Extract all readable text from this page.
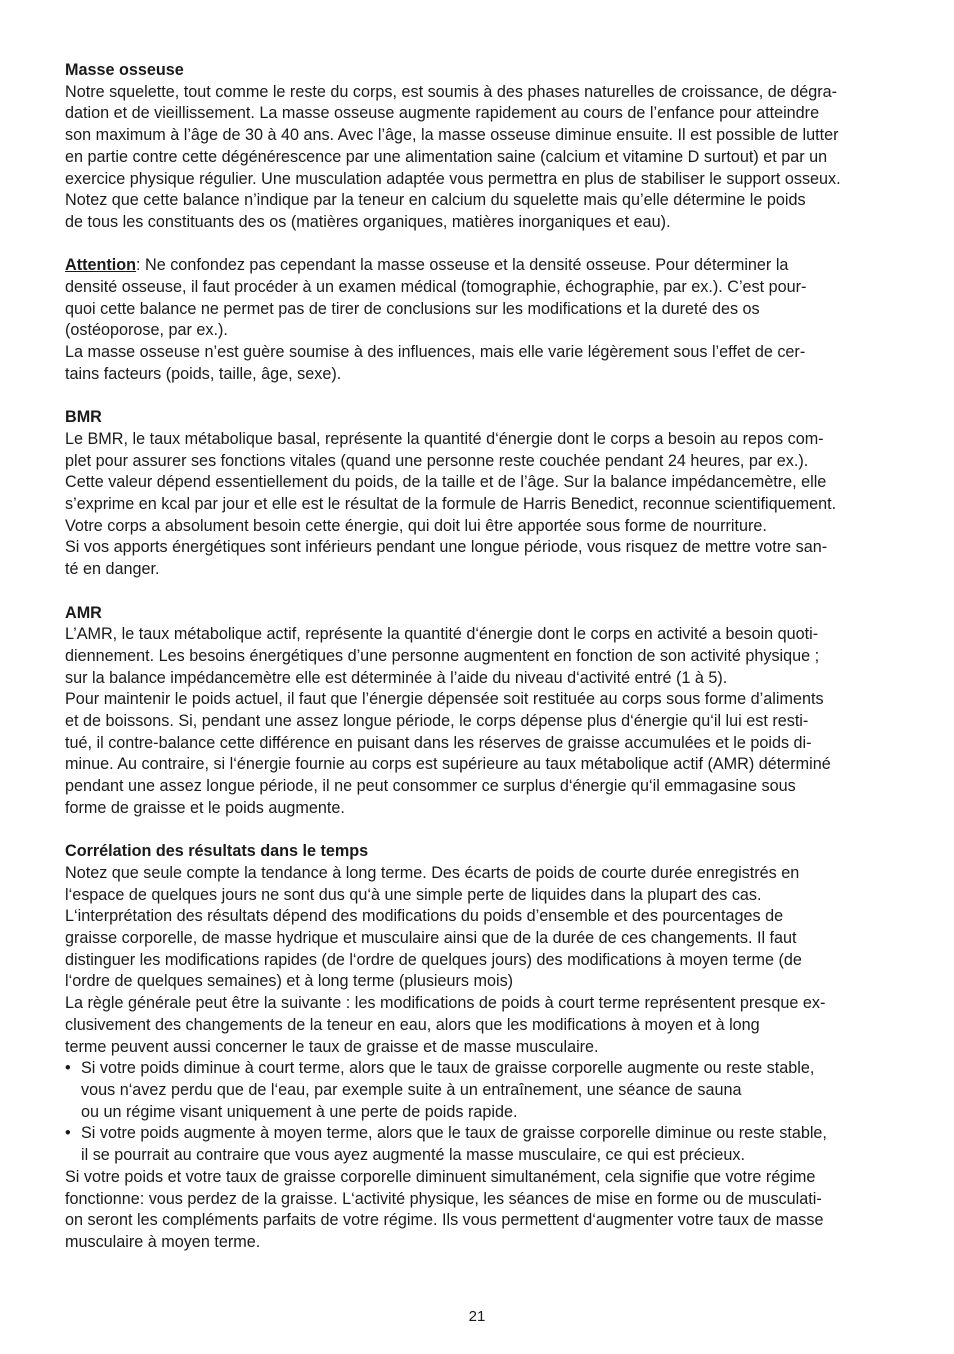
Masse osseuse
Notre squelette, tout comme le reste du corps, est soumis à des phases naturelles de croissance, de dégra-
dation et de vieillissement. La masse osseuse augmente rapidement au cours de l’enfance pour atteindre
son maximum à l’âge de 30 à 40 ans. Avec l’âge, la masse osseuse diminue ensuite. Il est possible de lutter
en partie contre cette dégénérescence par une alimentation saine (calcium et vitamine D surtout) et par un
exercice physique régulier. Une musculation adaptée vous permettra en plus de stabiliser le support osseux.
Notez que cette balance n’indique par la teneur en calcium du squelette mais qu’elle détermine le poids
de tous les constituants des os (matières organiques, matières inorganiques et eau).
Attention: Ne confondez pas cependant la masse osseuse et la densité osseuse. Pour déterminer la
densité osseuse, il faut procéder à un examen médical (tomographie, échographie, par ex.). C’est pour-
quoi cette balance ne permet pas de tirer de conclusions sur les modifications et la dureté des os
(ostéoporose, par ex.).
La masse osseuse n’est guère soumise à des influences, mais elle varie légèrement sous l’effet de cer-
tains facteurs (poids, taille, âge, sexe).
BMR
Le BMR, le taux métabolique basal, représente la quantité d‘énergie dont le corps a besoin au repos com-
plet pour assurer ses fonctions vitales (quand une personne reste couchée pendant 24 heures, par ex.).
Cette valeur dépend essentiellement du poids, de la taille et de l’âge. Sur la balance impédancemètre, elle
s’exprime en kcal par jour et elle est le résultat de la formule de Harris Benedict, reconnue scientifiquement.
Votre corps a absolument besoin cette énergie, qui doit lui être apportée sous forme de nourriture.
Si vos apports énergétiques sont inférieurs pendant une longue période, vous risquez de mettre votre san-
té en danger.
AMR
L’AMR, le taux métabolique actif, représente la quantité d‘énergie dont le corps en activité a besoin quoti-
diennement. Les besoins énergétiques d’une personne augmentent en fonction de son activité physique ;
sur la balance impédancemètre elle est déterminée à l’aide du niveau d‘activité entré (1 à 5).
Pour maintenir le poids actuel, il faut que l’énergie dépensée soit restituée au corps sous forme d’aliments
et de boissons. Si, pendant une assez longue période, le corps dépense plus d‘énergie qu‘il lui est resti-
tué, il contre-balance cette différence en puisant dans les réserves de graisse accumulées et le poids di-
minue. Au contraire, si l‘énergie fournie au corps est supérieure au taux métabolique actif (AMR) déterminé
pendant une assez longue période, il ne peut consommer ce surplus d‘énergie qu‘il emmagasine sous
forme de graisse et le poids augmente.
Corrélation des résultats dans le temps
Notez que seule compte la tendance à long terme. Des écarts de poids de courte durée enregistrés en
l‘espace de quelques jours ne sont dus qu‘à une simple perte de liquides dans la plupart des cas.
L‘interprétation des résultats dépend des modifications du poids d’ensemble et des pourcentages de
graisse corporelle, de masse hydrique et musculaire ainsi que de la durée de ces changements. Il faut
distinguer les modifications rapides (de l‘ordre de quelques jours) des modifications à moyen terme (de
l‘ordre de quelques semaines) et à long terme (plusieurs mois)
La règle générale peut être la suivante : les modifications de poids à court terme représentent presque ex-
clusivement des changements de la teneur en eau, alors que les modifications à moyen et à long
terme peuvent aussi concerner le taux de graisse et de masse musculaire.
• Si votre poids diminue à court terme, alors que le taux de graisse corporelle augmente ou reste stable,
vous n‘avez perdu que de l‘eau, par exemple suite à un entraînement, une séance de sauna
ou un régime visant uniquement à une perte de poids rapide.
• Si votre poids augmente à moyen terme, alors que le taux de graisse corporelle diminue ou reste stable,
il se pourrait au contraire que vous ayez augmenté la masse musculaire, ce qui est précieux.
Si votre poids et votre taux de graisse corporelle diminuent simultanément, cela signifie que votre régime
fonctionne: vous perdez de la graisse. L‘activité physique, les séances de mise en forme ou de musculati-
on seront les compléments parfaits de votre régime. Ils vous permettent d‘augmenter votre taux de masse
musculaire à moyen terme.
21
